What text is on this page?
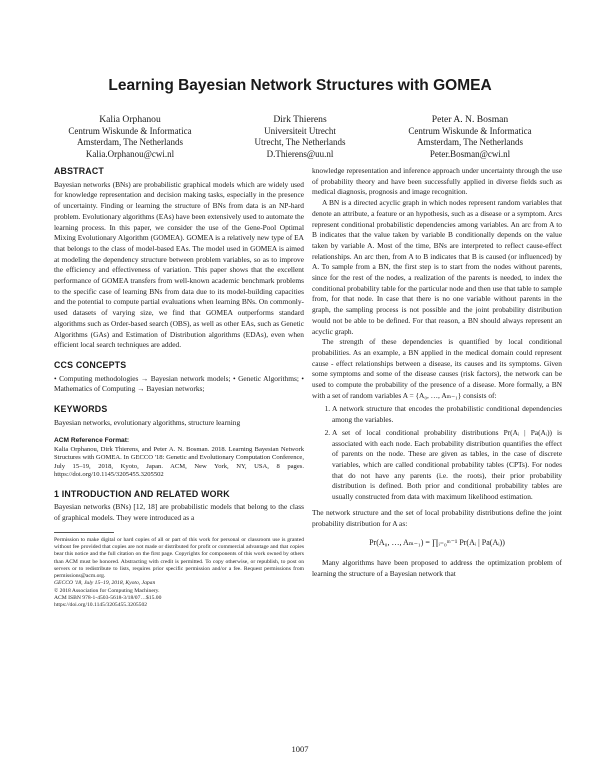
Learning Bayesian Network Structures with GOMEA
Kalia Orphanou
Centrum Wiskunde & Informatica
Amsterdam, The Netherlands
Kalia.Orphanou@cwi.nl
Dirk Thierens
Universiteit Utrecht
Utrecht, The Netherlands
D.Thierens@uu.nl
Peter A. N. Bosman
Centrum Wiskunde & Informatica
Amsterdam, The Netherlands
Peter.Bosman@cwi.nl
ABSTRACT

Bayesian networks (BNs) are probabilistic graphical models which are widely used for knowledge representation and decision making tasks, especially in the presence of uncertainty. Finding or learning the structure of BNs from data is an NP-hard problem. Evolutionary algorithms (EAs) have been extensively used to automate the learning process. In this paper, we consider the use of the Gene-Pool Optimal Mixing Evolutionary Algorithm (GOMEA). GOMEA is a relatively new type of EA that belongs to the class of model-based EAs. The model used in GOMEA is aimed at modeling the dependency structure between problem variables, so as to improve the efficiency and effectiveness of variation. This paper shows that the excellent performance of GOMEA transfers from well-known academic benchmark problems to the specific case of learning BNs from data due to its model-building capacities and the potential to compute partial evaluations when learning BNs. On commonly-used datasets of varying size, we find that GOMEA outperforms standard algorithms such as Order-based search (OBS), as well as other EAs, such as Genetic Algorithms (GAs) and Estimation of Distribution algorithms (EDAs), even when efficient local search techniques are added.

CCS CONCEPTS

• Computing methodologies → Bayesian network models; • Genetic Algorithms; • Mathematics of Computing → Bayesian networks;

KEYWORDS

Bayesian networks, evolutionary algorithms, structure learning

ACM Reference Format:

Kalia Orphanou, Dirk Thierens, and Peter A. N. Bosman. 2018. Learning Bayesian Network Structures with GOMEA. In GECCO '18: Genetic and Evolutionary Computation Conference, July 15–19, 2018, Kyoto, Japan. ACM, New York, NY, USA, 8 pages. https://doi.org/10.1145/3205455.3205502

1 INTRODUCTION AND RELATED WORK

Bayesian networks (BNs) [12, 18] are probabilistic models that belong to the class of graphical models. They were introduced as a

Permission to make digital or hard copies of all or part of this work for personal or classroom use is granted without fee provided that copies are not made or distributed for profit or commercial advantage and that copies bear this notice and the full citation on the first page. Copyrights for components of this work owned by others than ACM must be honored. Abstracting with credit is permitted. To copy otherwise, or republish, to post on servers or to redistribute to lists, requires prior specific permission and/or a fee. Request permissions from permissions@acm.org.

GECCO '18, July 15–19, 2018, Kyoto, Japan
© 2018 Association for Computing Machinery.
ACM ISBN 978-1-4503-5618-3/18/07…$15.00
https://doi.org/10.1145/3205455.3205502

knowledge representation and inference approach under uncertainty through the use of probability theory and have been successfully applied in diverse fields such as medical diagnosis, prognosis and image recognition.

A BN is a directed acyclic graph in which nodes represent random variables that denote an attribute, a feature or an hypothesis, such as a disease or a symptom. Arcs represent conditional probabilistic dependencies among variables. An arc from A to B indicates that the value taken by variable B conditionally depends on the value taken by variable A. Most of the time, BNs are interpreted to reflect cause-effect relationships. An arc then, from A to B indicates that B is caused (or influenced) by A. To sample from a BN, the first step is to start from the nodes without parents, since for the rest of the nodes, a realization of the parents is needed, to index the conditional probability table for the particular node and then use that table to sample from, for that node. In case that there is no one variable without parents in the graph, the sampling process is not possible and the joint probability distribution would not be able to be defined. For that reason, a BN should always represent an acyclic graph.

The strength of these dependencies is quantified by local conditional probabilities. As an example, a BN applied in the medical domain could represent cause - effect relationships between a disease, its causes and its symptoms. Given some symptoms and some of the disease causes (risk factors), the network can be used to compute the probability of the presence of a disease. More formally, a BN with a set of random variables A = {A₀, …, Aₘ₋₁} consists of:

1. A network structure that encodes the probabilistic conditional dependencies among the variables.
2. A set of local conditional probability distributions Pr(Aᵢ | Pa(Aᵢ)) is associated with each node. Each probability distribution quantifies the effect of parents on the node. These are given as tables, in the case of discrete variables, which are called conditional probability tables (CPTs). For nodes that do not have any parents (i.e. the roots), their prior probability distribution is defined. Both prior and conditional probability tables are usually constructed from data with maximum likelihood estimation.

The network structure and the set of local probability distributions define the joint probability distribution for A as:

Pr(A₀, …, Aₘ₋₁) = ∏ᵢ₌₀ᵐ⁻¹ Pr(Aᵢ | Pa(Aᵢ))

Many algorithms have been proposed to address the optimization problem of learning the structure of a Bayesian network that

1007
